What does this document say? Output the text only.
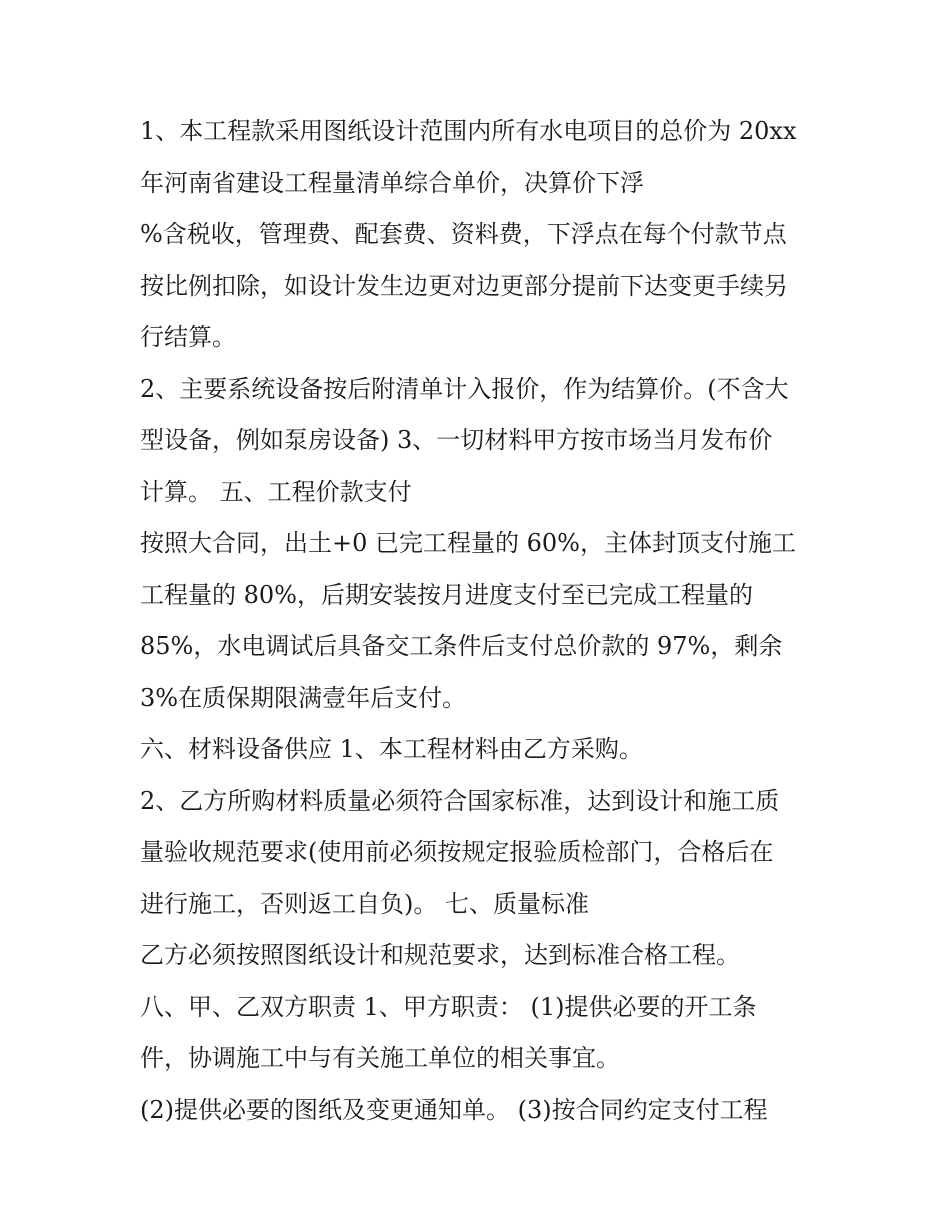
1、本工程款采用图纸设计范围内所有水电项目的总价为 20xx
年河南省建设工程量清单综合单价，决算价下浮
%含税收，管理费、配套费、资料费，下浮点在每个付款节点
按比例扣除，如设计发生边更对边更部分提前下达变更手续另
行结算。
2、主要系统设备按后附清单计入报价，作为结算价。(不含大
型设备，例如泵房设备) 3、一切材料甲方按市场当月发布价
计算。 五、工程价款支付
按照大合同，出土+0 已完工程量的 60%，主体封顶支付施工
工程量的 80%，后期安装按月进度支付至已完成工程量的
85%，水电调试后具备交工条件后支付总价款的 97%，剩余
3%在质保期限满壹年后支付。
六、材料设备供应 1、本工程材料由乙方采购。
2、乙方所购材料质量必须符合国家标准，达到设计和施工质
量验收规范要求(使用前必须按规定报验质检部门，合格后在
进行施工，否则返工自负)。 七、质量标准
乙方必须按照图纸设计和规范要求，达到标准合格工程。
八、甲、乙双方职责 1、甲方职责： (1)提供必要的开工条
件，协调施工中与有关施工单位的相关事宜。
(2)提供必要的图纸及变更通知单。 (3)按合同约定支付工程
